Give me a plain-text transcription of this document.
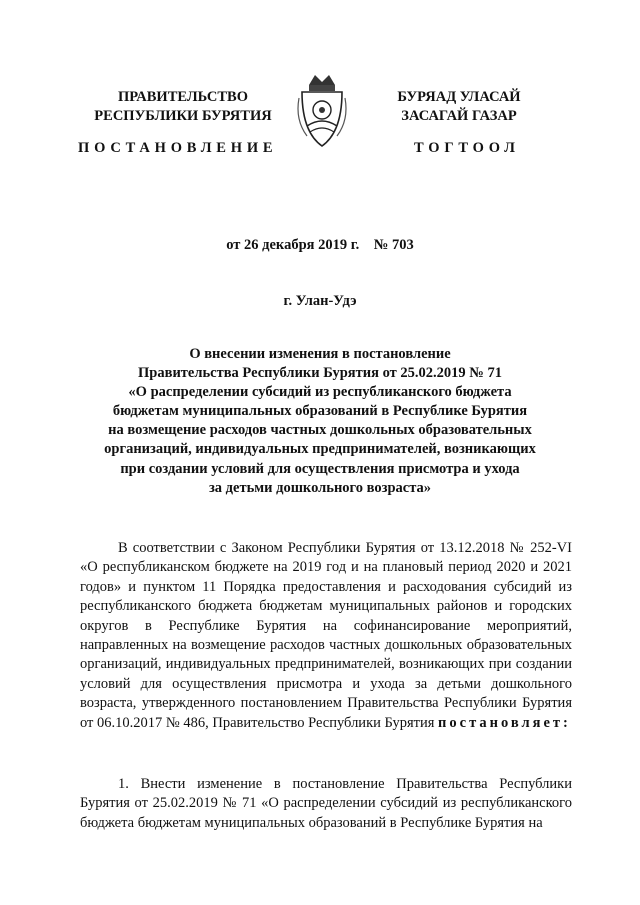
ПРАВИТЕЛЬСТВО
РЕСПУБЛИКИ БУРЯТИЯ
БУРЯАД УЛАСАЙ
ЗАСАГАЙ ГАЗАР
ПОСТАНОВЛЕНИЕ	ТОГТООЛ
от 26 декабря 2019 г.    № 703
г. Улан-Удэ
О внесении изменения в постановление
Правительства Республики Бурятия от 25.02.2019 № 71
«О распределении субсидий из республиканского бюджета
бюджетам муниципальных образований в Республике Бурятия
на возмещение расходов частных дошкольных образовательных
организаций, индивидуальных предпринимателей, возникающих
при создании условий для осуществления присмотра и ухода
за детьми дошкольного возраста»
В соответствии с Законом Республики Бурятия от 13.12.2018 № 252-VI «О республиканском бюджете на 2019 год и на плановый период 2020 и 2021 годов» и пунктом 11 Порядка предоставления и расходования субсидий из республиканского бюджета бюджетам муниципальных районов и городских округов в Республике Бурятия на софинансирование мероприятий, направленных на возмещение расходов частных дошкольных образовательных организаций, индивидуальных предпринимателей, возникающих при создании условий для осуществления присмотра и ухода за детьми дошкольного возраста, утвержденного постановлением Правительства Республики Бурятия от 06.10.2017 № 486, Правительство Республики Бурятия постановляет:
1. Внести изменение в постановление Правительства Республики Бурятия от 25.02.2019 № 71 «О распределении субсидий из республиканского бюджета бюджетам муниципальных образований в Республике Бурятия на
